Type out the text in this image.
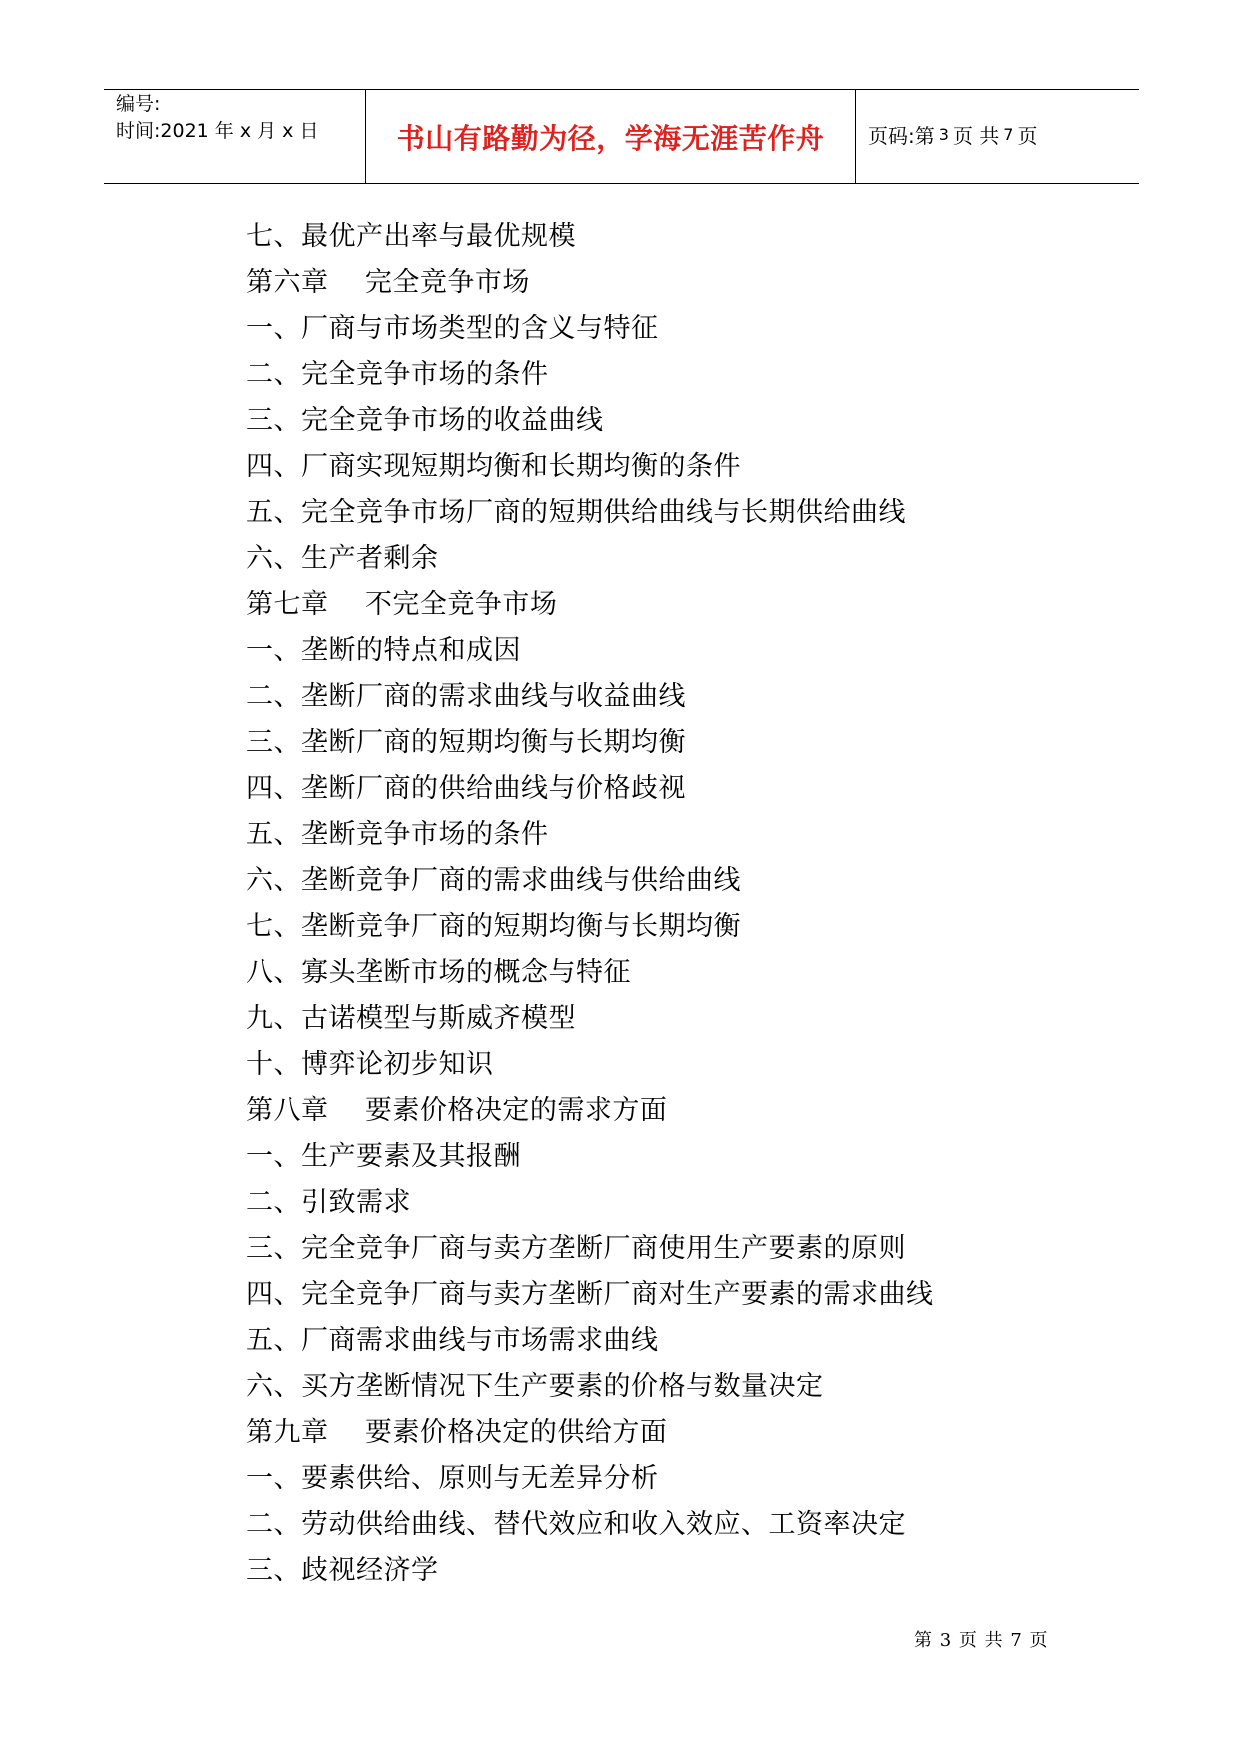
编号:
时间:2021 年 x 月 x 日	书山有路勤为径，学海无涯苦作舟	页码:第 3 页 共 7 页
七、最优产出率与最优规模
第六章    完全竞争市场
一、厂商与市场类型的含义与特征
二、完全竞争市场的条件
三、完全竞争市场的收益曲线
四、厂商实现短期均衡和长期均衡的条件
五、完全竞争市场厂商的短期供给曲线与长期供给曲线
六、生产者剩余
第七章    不完全竞争市场
一、垄断的特点和成因
二、垄断厂商的需求曲线与收益曲线
三、垄断厂商的短期均衡与长期均衡
四、垄断厂商的供给曲线与价格歧视
五、垄断竞争市场的条件
六、垄断竞争厂商的需求曲线与供给曲线
七、垄断竞争厂商的短期均衡与长期均衡
八、寡头垄断市场的概念与特征
九、古诺模型与斯威齐模型
十、博弈论初步知识
第八章    要素价格决定的需求方面
一、生产要素及其报酬
二、引致需求
三、完全竞争厂商与卖方垄断厂商使用生产要素的原则
四、完全竞争厂商与卖方垄断厂商对生产要素的需求曲线
五、厂商需求曲线与市场需求曲线
六、买方垄断情况下生产要素的价格与数量决定
第九章    要素价格决定的供给方面
一、要素供给、原则与无差异分析
二、劳动供给曲线、替代效应和收入效应、工资率决定
三、歧视经济学
第 3 页 共 7 页
